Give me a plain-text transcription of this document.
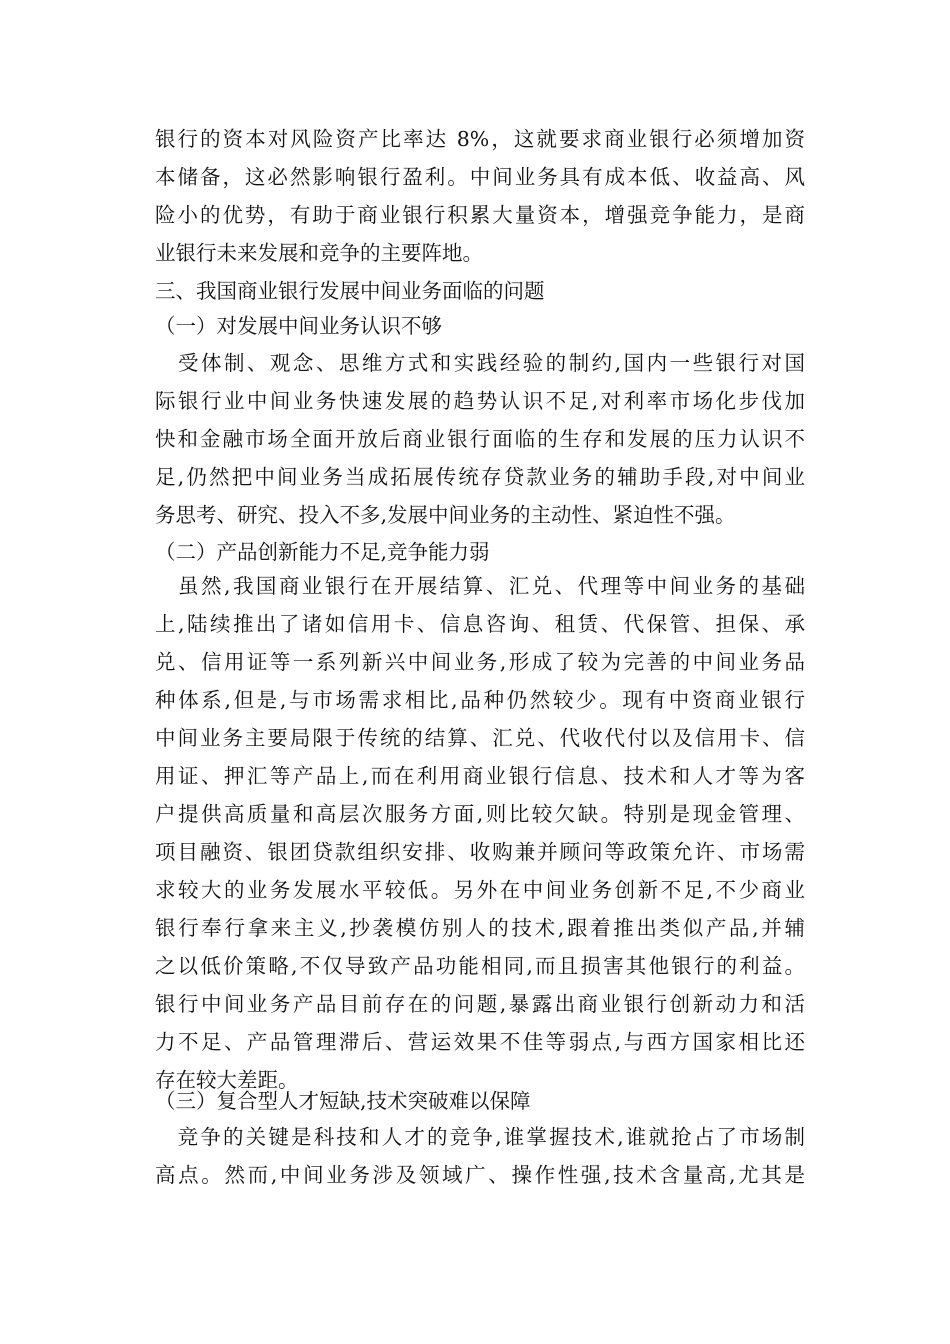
银行的资本对风险资产比率达 8%，这就要求商业银行必须增加资
本储备，这必然影响银行盈利。中间业务具有成本低、收益高、风
险小的优势，有助于商业银行积累大量资本，增强竞争能力，是商
业银行未来发展和竞争的主要阵地。
三、我国商业银行发展中间业务面临的问题
（一）对发展中间业务认识不够
　受体制、观念、思维方式和实践经验的制约,国内一些银行对国
际银行业中间业务快速发展的趋势认识不足,对利率市场化步伐加
快和金融市场全面开放后商业银行面临的生存和发展的压力认识不
足,仍然把中间业务当成拓展传统存贷款业务的辅助手段,对中间业
务思考、研究、投入不多,发展中间业务的主动性、紧迫性不强。
（二）产品创新能力不足,竞争能力弱
　虽然,我国商业银行在开展结算、汇兑、代理等中间业务的基础
上,陆续推出了诸如信用卡、信息咨询、租赁、代保管、担保、承
兑、信用证等一系列新兴中间业务,形成了较为完善的中间业务品
种体系,但是,与市场需求相比,品种仍然较少。现有中资商业银行
中间业务主要局限于传统的结算、汇兑、代收代付以及信用卡、信
用证、押汇等产品上,而在利用商业银行信息、技术和人才等为客
户提供高质量和高层次服务方面,则比较欠缺。特别是现金管理、
项目融资、银团贷款组织安排、收购兼并顾问等政策允许、市场需
求较大的业务发展水平较低。另外在中间业务创新不足,不少商业
银行奉行拿来主义,抄袭模仿别人的技术,跟着推出类似产品,并辅
之以低价策略,不仅导致产品功能相同,而且损害其他银行的利益。
银行中间业务产品目前存在的问题,暴露出商业银行创新动力和活
力不足、产品管理滞后、营运效果不佳等弱点,与西方国家相比还
存在较大差距。
（三）复合型人才短缺,技术突破难以保障
　竞争的关键是科技和人才的竞争,谁掌握技术,谁就抢占了市场制
高点。然而,中间业务涉及领域广、操作性强,技术含量高,尤其是
